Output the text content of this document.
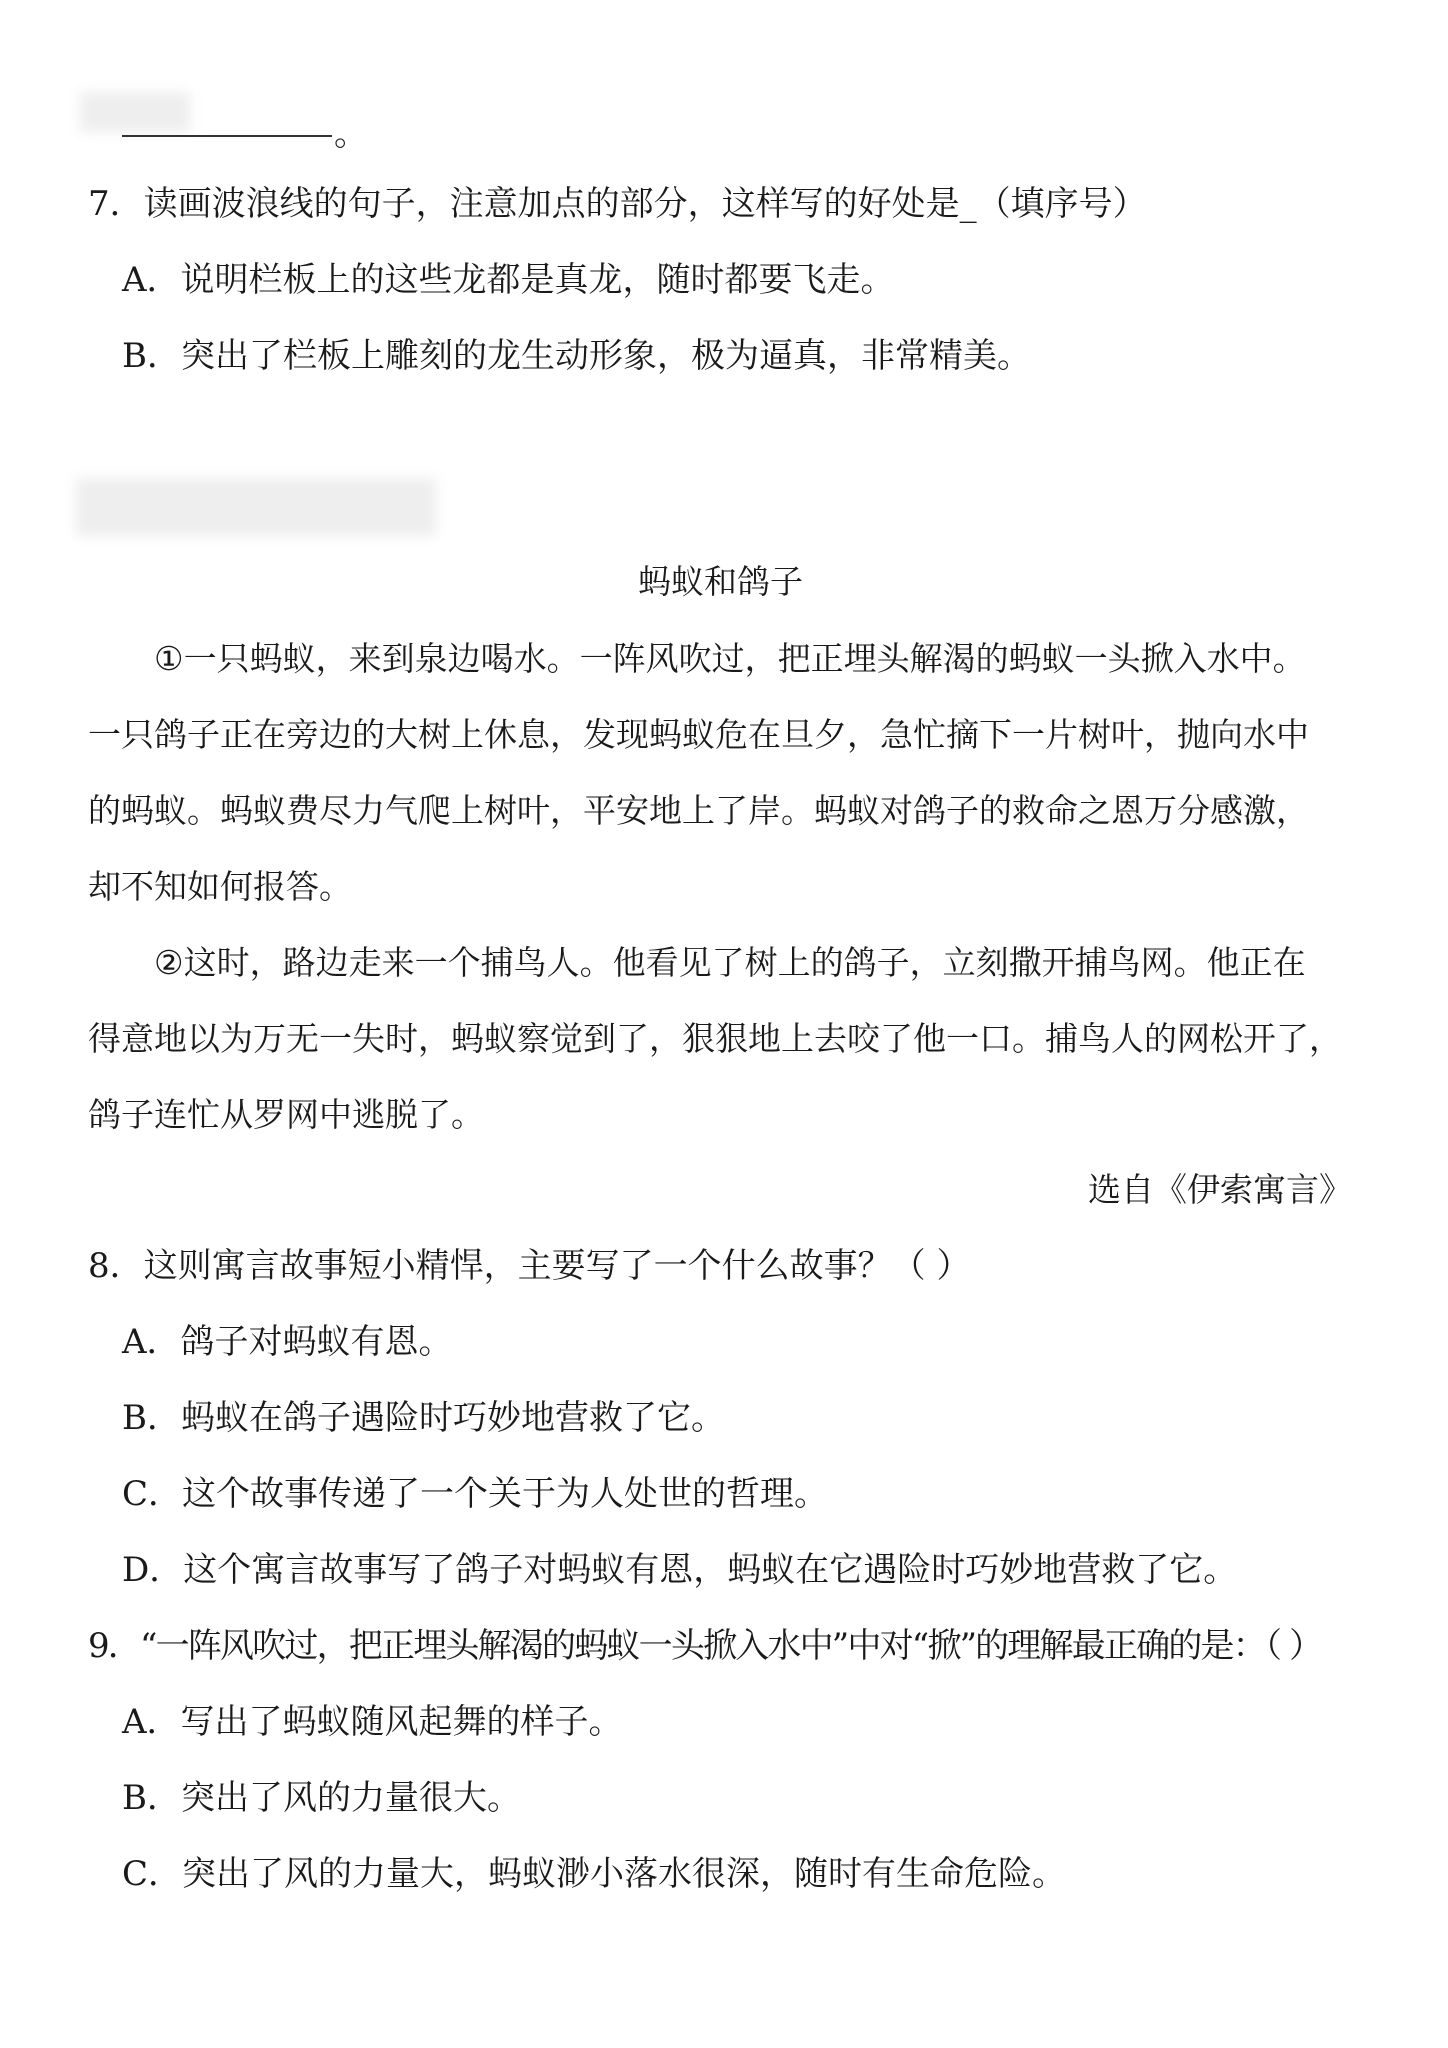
。
7．读画波浪线的句子，注意加点的部分，这样写的好处是_（填序号）
A．说明栏板上的这些龙都是真龙，随时都要飞走。
B．突出了栏板上雕刻的龙生动形象，极为逼真，非常精美。
蚂蚁和鸽子
①一只蚂蚁，来到泉边喝水。一阵风吹过，把正埋头解渴的蚂蚁一头掀入水中。
一只鸽子正在旁边的大树上休息，发现蚂蚁危在旦夕，急忙摘下一片树叶，抛向水中
的蚂蚁。蚂蚁费尽力气爬上树叶，平安地上了岸。蚂蚁对鸽子的救命之恩万分感激，
却不知如何报答。
②这时，路边走来一个捕鸟人。他看见了树上的鸽子，立刻撒开捕鸟网。他正在
得意地以为万无一失时，蚂蚁察觉到了，狠狠地上去咬了他一口。捕鸟人的网松开了，
鸽子连忙从罗网中逃脱了。
选自《伊索寓言》
8．这则寓言故事短小精悍，主要写了一个什么故事？（ ）
A．鸽子对蚂蚁有恩。
B．蚂蚁在鸽子遇险时巧妙地营救了它。
C．这个故事传递了一个关于为人处世的哲理。
D．这个寓言故事写了鸽子对蚂蚁有恩，蚂蚁在它遇险时巧妙地营救了它。
9．“一阵风吹过，把正埋头解渴的蚂蚁一头掀入水中”中对“掀”的理解最正确的是：（ ）
A．写出了蚂蚁随风起舞的样子。
B．突出了风的力量很大。
C．突出了风的力量大，蚂蚁渺小落水很深，随时有生命危险。
